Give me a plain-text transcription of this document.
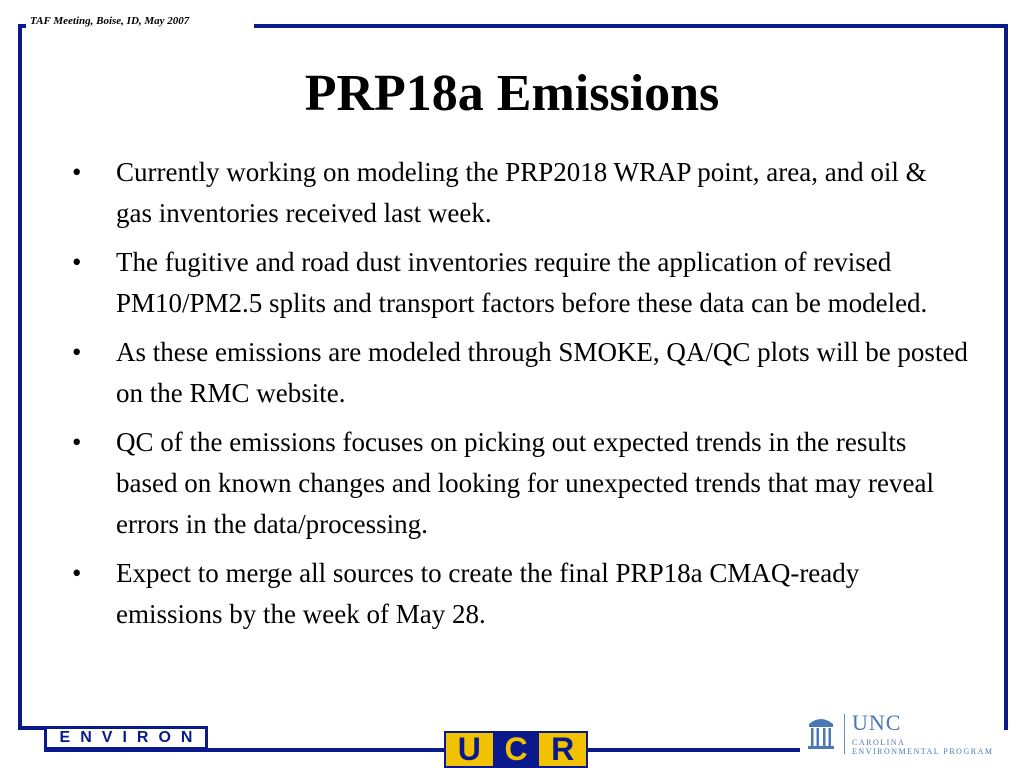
TAF Meeting, Boise, ID, May 2007
PRP18a Emissions
• Currently working on modeling the PRP2018 WRAP point, area, and oil & gas inventories received last week.
• The fugitive and road dust inventories require the application of revised PM10/PM2.5 splits and transport factors before these data can be modeled.
• As these emissions are modeled through SMOKE, QA/QC plots will be posted on the RMC website.
• QC of the emissions focuses on picking out expected trends in the results based on known changes and looking for unexpected trends that may reveal errors in the data/processing.
• Expect to merge all sources to create the final PRP18a CMAQ-ready emissions by the week of May 28.
ENVIRON	U C R
UNC
CAROLINA
ENVIRONMENTAL PROGRAM
